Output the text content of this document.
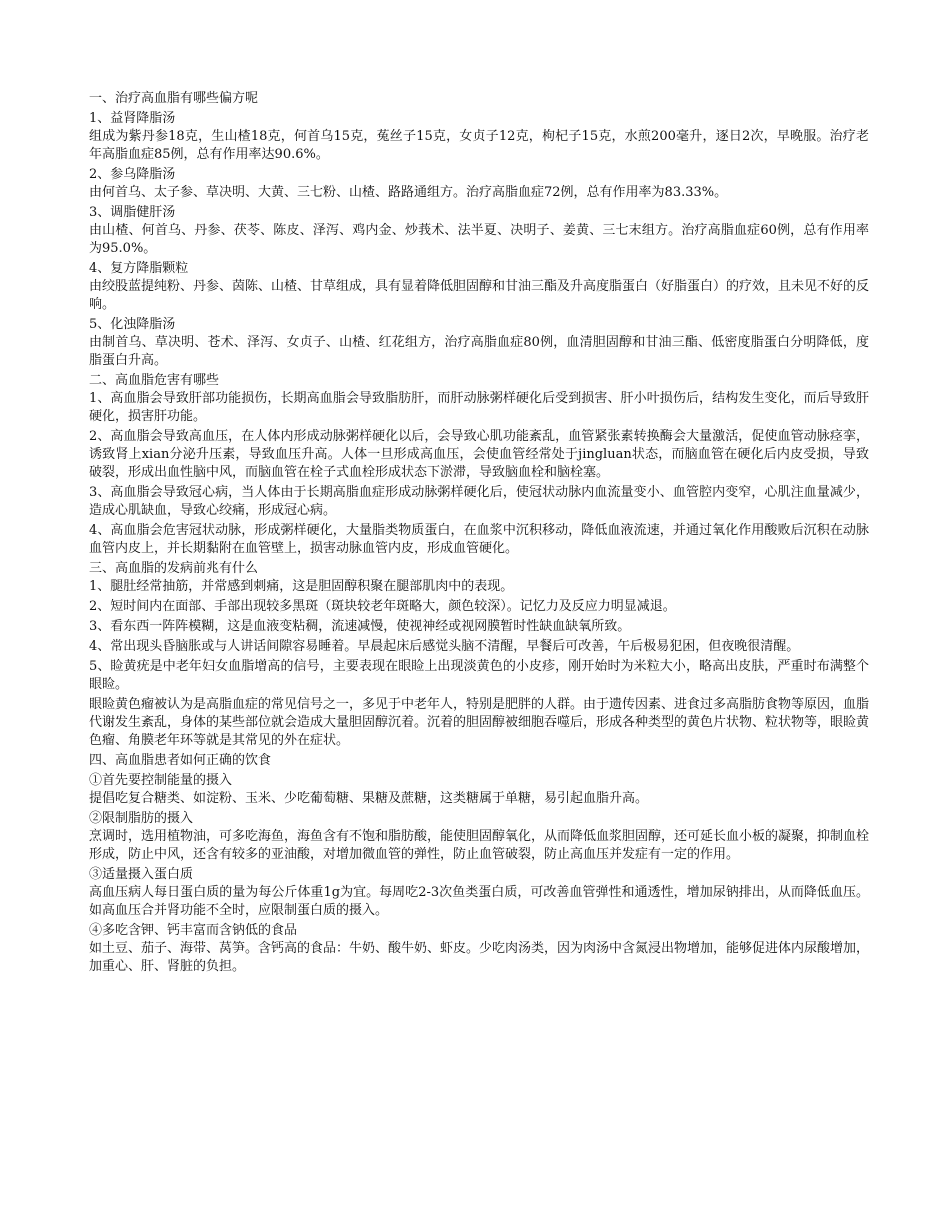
一、治疗高血脂有哪些偏方呢

1、益肾降脂汤

组成为紫丹参18克，生山楂18克，何首乌15克，菟丝子15克，女贞子12克，枸杞子15克，水煎200毫升，逐日2次，早晚服。治疗老年高脂血症85例，总有作用率达90.6%。

2、参乌降脂汤

由何首乌、太子参、草决明、大黄、三七粉、山楂、路路通组方。治疗高脂血症72例，总有作用率为83.33%。

3、调脂健肝汤

由山楂、何首乌、丹参、茯苓、陈皮、泽泻、鸡内金、炒莪术、法半夏、决明子、姜黄、三七末组方。治疗高脂血症60例，总有作用率为95.0%。

4、复方降脂颗粒

由绞股蓝提纯粉、丹参、茵陈、山楂、甘草组成，具有显着降低胆固醇和甘油三酯及升高度脂蛋白（好脂蛋白）的疗效，且未见不好的反响。

5、化浊降脂汤

由制首乌、草决明、苍术、泽泻、女贞子、山楂、红花组方，治疗高脂血症80例，血清胆固醇和甘油三酯、低密度脂蛋白分明降低，度脂蛋白升高。

二、高血脂危害有哪些

1、高血脂会导致肝部功能损伤，长期高血脂会导致脂肪肝，而肝动脉粥样硬化后受到损害、肝小叶损伤后，结构发生变化，而后导致肝硬化，损害肝功能。

2、高血脂会导致高血压，在人体内形成动脉粥样硬化以后，会导致心肌功能紊乱，血管紧张素转换酶会大量激活，促使血管动脉痉挛，诱致肾上xian分泌升压素，导致血压升高。人体一旦形成高血压，会使血管经常处于jingluan状态，而脑血管在硬化后内皮受损，导致破裂，形成出血性脑中风，而脑血管在栓子式血栓形成状态下淤滞，导致脑血栓和脑栓塞。

3、高血脂会导致冠心病，当人体由于长期高脂血症形成动脉粥样硬化后，使冠状动脉内血流量变小、血管腔内变窄，心肌注血量减少，造成心肌缺血，导致心绞痛，形成冠心病。

4、高血脂会危害冠状动脉，形成粥样硬化，大量脂类物质蛋白，在血浆中沉积移动，降低血液流速，并通过氧化作用酸败后沉积在动脉血管内皮上，并长期黏附在血管壁上，损害动脉血管内皮，形成血管硬化。

三、高血脂的发病前兆有什么

1、腿肚经常抽筋，并常感到刺痛，这是胆固醇积聚在腿部肌肉中的表现。

2、短时间内在面部、手部出现较多黑斑（斑块较老年斑略大，颜色较深）。记忆力及反应力明显减退。

3、看东西一阵阵模糊，这是血液变粘稠，流速减慢，使视神经或视网膜暂时性缺血缺氧所致。

4、常出现头昏脑胀或与人讲话间隙容易睡着。早晨起床后感觉头脑不清醒，早餐后可改善，午后极易犯困，但夜晚很清醒。

5、睑黄疣是中老年妇女血脂增高的信号，主要表现在眼睑上出现淡黄色的小皮疹，刚开始时为米粒大小，略高出皮肤，严重时布满整个眼睑。

眼睑黄色瘤被认为是高脂血症的常见信号之一，多见于中老年人，特别是肥胖的人群。由于遗传因素、进食过多高脂肪食物等原因，血脂代谢发生紊乱，身体的某些部位就会造成大量胆固醇沉着。沉着的胆固醇被细胞吞噬后，形成各种类型的黄色片状物、粒状物等，眼睑黄色瘤、角膜老年环等就是其常见的外在症状。

四、高血脂患者如何正确的饮食

①首先要控制能量的摄入

提倡吃复合糖类、如淀粉、玉米、少吃葡萄糖、果糖及蔗糖，这类糖属于单糖，易引起血脂升高。

②限制脂肪的摄入

烹调时，选用植物油，可多吃海鱼，海鱼含有不饱和脂肪酸，能使胆固醇氧化，从而降低血浆胆固醇，还可延长血小板的凝聚，抑制血栓形成，防止中风，还含有较多的亚油酸，对增加微血管的弹性，防止血管破裂，防止高血压并发症有一定的作用。

③适量摄入蛋白质

高血压病人每日蛋白质的量为每公斤体重1g为宜。每周吃2-3次鱼类蛋白质，可改善血管弹性和通透性，增加尿钠排出，从而降低血压。如高血压合并肾功能不全时，应限制蛋白质的摄入。

④多吃含钾、钙丰富而含钠低的食品

如土豆、茄子、海带、莴笋。含钙高的食品：牛奶、酸牛奶、虾皮。少吃肉汤类，因为肉汤中含氮浸出物增加，能够促进体内尿酸增加，加重心、肝、肾脏的负担。
